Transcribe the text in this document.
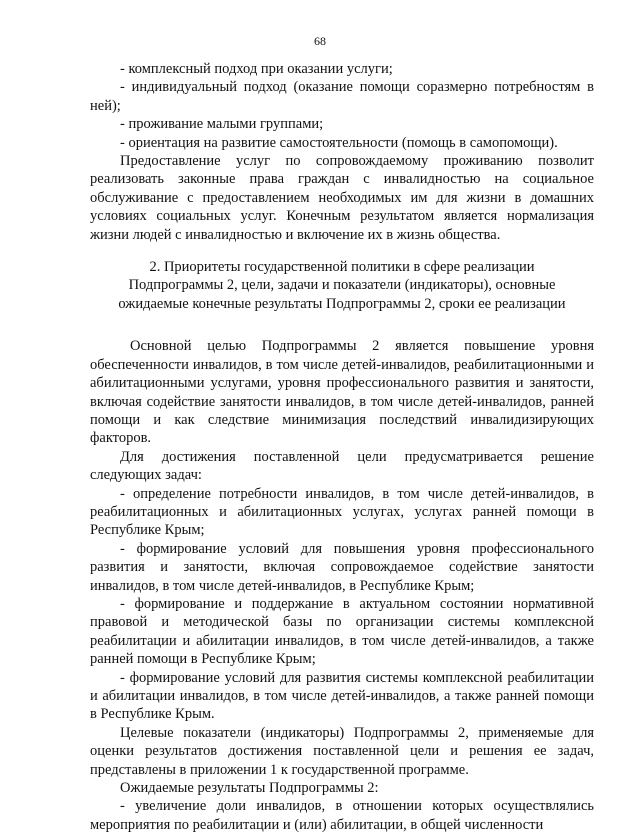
68

- комплексный подход при оказании услуги;

- индивидуальный подход (оказание помощи соразмерно потребностям в ней);

- проживание малыми группами;

- ориентация на развитие самостоятельности (помощь в самопомощи).

Предоставление услуг по сопровождаемому проживанию позволит реализовать законные права граждан с инвалидностью на социальное обслуживание с предоставлением необходимых им для жизни в домашних условиях социальных услуг. Конечным результатом является нормализация жизни людей с инвалидностью и включение их в жизнь общества.

2. Приоритеты государственной политики в сфере реализации
Подпрограммы 2, цели, задачи и показатели (индикаторы), основные
ожидаемые конечные результаты Подпрограммы 2, сроки ее реализации

Основной целью Подпрограммы 2 является повышение уровня обеспеченности инвалидов, в том числе детей-инвалидов, реабилитационными и абилитационными услугами, уровня профессионального развития и занятости, включая содействие занятости инвалидов, в том числе детей-инвалидов, ранней помощи и как следствие минимизация последствий инвалидизирующих факторов.

Для достижения поставленной цели предусматривается решение следующих задач:

- определение потребности инвалидов, в том числе детей-инвалидов, в реабилитационных и абилитационных услугах, услугах ранней помощи в Республике Крым;

- формирование условий для повышения уровня профессионального развития и занятости, включая сопровождаемое содействие занятости инвалидов, в том числе детей-инвалидов, в Республике Крым;

- формирование и поддержание в актуальном состоянии нормативной правовой и методической базы по организации системы комплексной реабилитации и абилитации инвалидов, в том числе детей-инвалидов, а также ранней помощи в Республике Крым;

- формирование условий для развития системы комплексной реабилитации и абилитации инвалидов, в том числе детей-инвалидов, а также ранней помощи в Республике Крым.

Целевые показатели (индикаторы) Подпрограммы 2, применяемые для оценки результатов достижения поставленной цели и решения ее задач, представлены в приложении 1 к государственной программе.

Ожидаемые результаты Подпрограммы 2:

- увеличение доли инвалидов, в отношении которых осуществлялись мероприятия по реабилитации и (или) абилитации, в общей численности
